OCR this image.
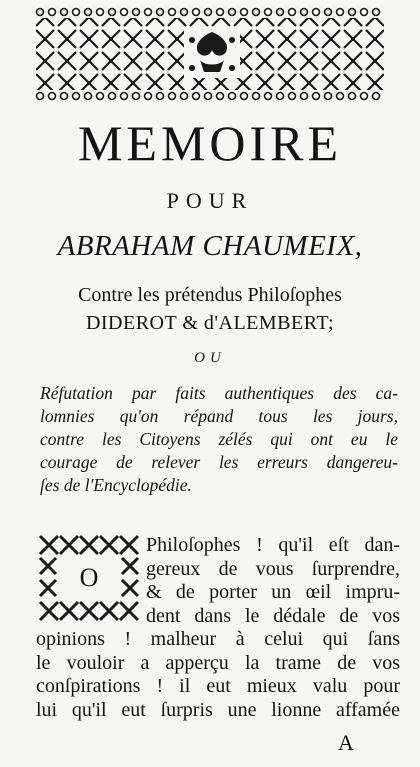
MEMOIRE
POUR
ABRAHAM CHAUMEIX,
Contre les prétendus Philoſophes
DIDEROT & d'ALEMBERT;
OU
Réfutation par faits authentiques des ca-
lomnies qu'on répand tous les jours,
contre les Citoyens zélés qui ont eu le
courage de relever les erreurs dangereu-
ſes de l'Encyclopédie.
O
Philoſophes ! qu'il eſt dan-
gereux de vous ſurprendre,
& de porter un œil impru-
dent dans le dédale de vos
opinions ! malheur à celui qui ſans
le vouloir a apperçu la trame de vos
conſpirations ! il eut mieux valu pour
lui qu'il eut ſurpris une lionne affamée
A
